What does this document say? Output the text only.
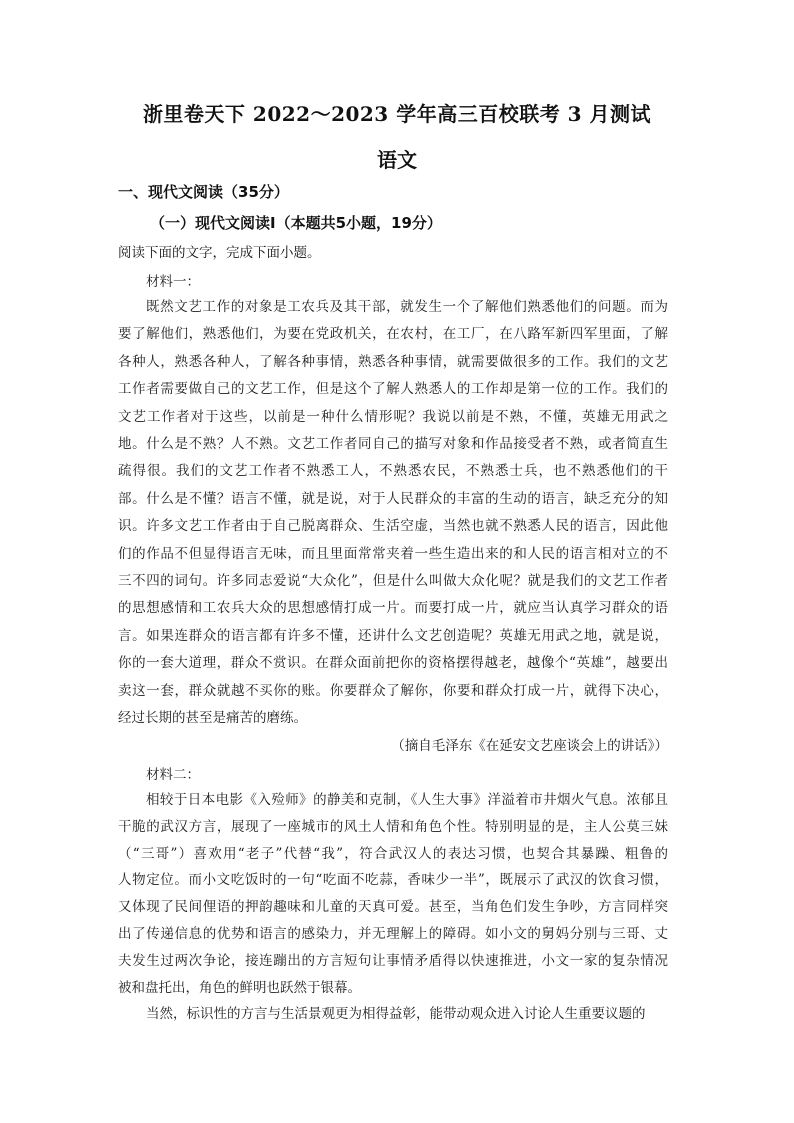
浙里卷天下 2022～2023 学年高三百校联考 3 月测试
语文
一、现代文阅读（35分）
（一）现代文阅读Ⅰ（本题共5小题，19分）
阅读下面的文字，完成下面小题。
材料一：
既然文艺工作的对象是工农兵及其干部，就发生一个了解他们熟悉他们的问题。而为
要了解他们，熟悉他们，为要在党政机关，在农村，在工厂，在八路军新四军里面，了解
各种人，熟悉各种人，了解各种事情，熟悉各种事情，就需要做很多的工作。我们的文艺
工作者需要做自己的文艺工作，但是这个了解人熟悉人的工作却是第一位的工作。我们的
文艺工作者对于这些，以前是一种什么情形呢？我说以前是不熟，不懂，英雄无用武之
地。什么是不熟？人不熟。文艺工作者同自己的描写对象和作品接受者不熟，或者简直生
疏得很。我们的文艺工作者不熟悉工人，不熟悉农民，不熟悉士兵，也不熟悉他们的干
部。什么是不懂？语言不懂，就是说，对于人民群众的丰富的生动的语言，缺乏充分的知
识。许多文艺工作者由于自己脱离群众、生活空虚，当然也就不熟悉人民的语言，因此他
们的作品不但显得语言无味，而且里面常常夹着一些生造出来的和人民的语言相对立的不
三不四的词句。许多同志爱说“大众化”，但是什么叫做大众化呢？就是我们的文艺工作者
的思想感情和工农兵大众的思想感情打成一片。而要打成一片，就应当认真学习群众的语
言。如果连群众的语言都有许多不懂，还讲什么文艺创造呢？英雄无用武之地，就是说，
你的一套大道理，群众不赏识。在群众面前把你的资格摆得越老，越像个“英雄”，越要出
卖这一套，群众就越不买你的账。你要群众了解你，你要和群众打成一片，就得下决心，
经过长期的甚至是痛苦的磨练。
（摘自毛泽东《在延安文艺座谈会上的讲话》）
材料二：
相较于日本电影《入殓师》的静美和克制，《人生大事》洋溢着市井烟火气息。浓郁且
干脆的武汉方言，展现了一座城市的风土人情和角色个性。特别明显的是，主人公莫三妹
（“三哥”）喜欢用“老子”代替“我”，符合武汉人的表达习惯，也契合其暴躁、粗鲁的
人物定位。而小文吃饭时的一句“吃面不吃蒜，香味少一半”，既展示了武汉的饮食习惯，
又体现了民间俚语的押韵趣味和儿童的天真可爱。甚至，当角色们发生争吵，方言同样突
出了传递信息的优势和语言的感染力，并无理解上的障碍。如小文的舅妈分别与三哥、丈
夫发生过两次争论，接连蹦出的方言短句让事情矛盾得以快速推进，小文一家的复杂情况
被和盘托出，角色的鲜明也跃然于银幕。
当然，标识性的方言与生活景观更为相得益彰，能带动观众进入讨论人生重要议题的
